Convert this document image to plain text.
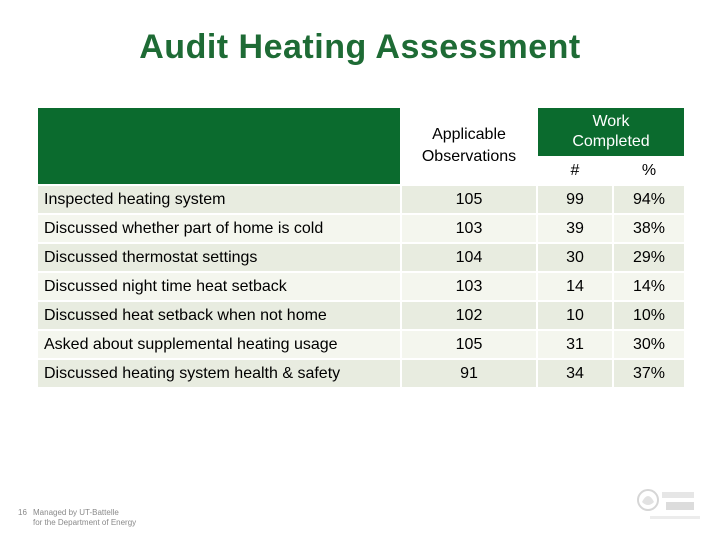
Audit Heating Assessment

	Applicable Observations	Work Completed	

		#	%
Inspected heating system	105	99	94%
Discussed whether part of home is cold	103	39	38%
Discussed thermostat settings	104	30	29%
Discussed night time heat setback	103	14	14%
Discussed heat setback when not home	102	10	10%
Asked about supplemental heating usage	105	31	30%
Discussed heating system health & safety	91	34	37%
16 Managed by UT-Battelle
for the Department of Energy
